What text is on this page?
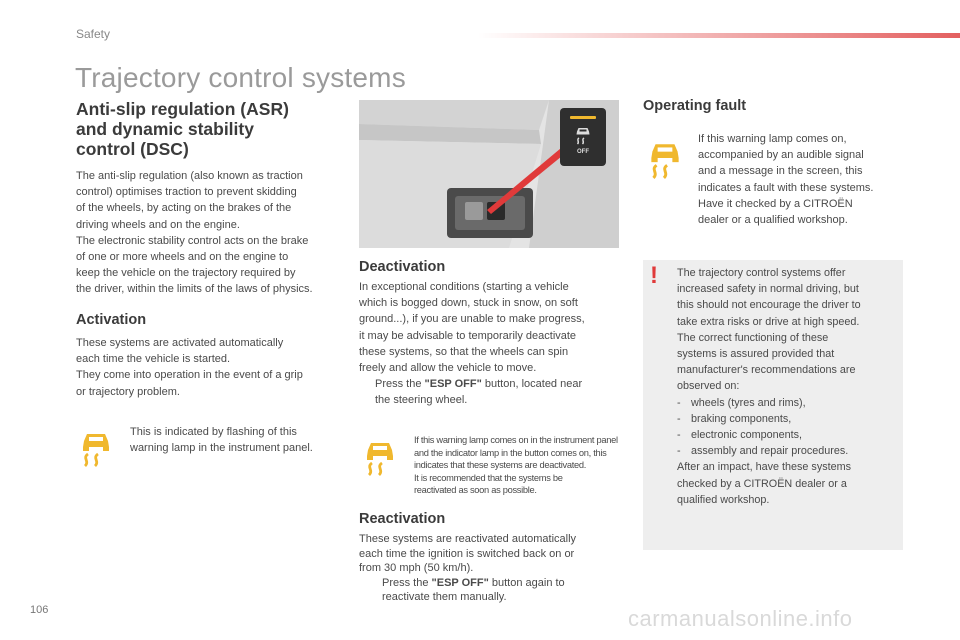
Safety
Trajectory control systems
Anti-slip regulation (ASR)
and dynamic stability
control (DSC)

The anti-slip regulation (also known as traction

control) optimises traction to prevent skidding

of the wheels, by acting on the brakes of the

driving wheels and on the engine.

The electronic stability control acts on the brake

of one or more wheels and on the engine to

keep the vehicle on the trajectory required by

the driver, within the limits of the laws of physics.

Activation

These systems are activated automatically

each time the vehicle is started.

They come into operation in the event of a grip

or trajectory problem.

This is indicated by flashing of this

warning lamp in the instrument panel.

OFF
Deactivation

In exceptional conditions (starting a vehicle

which is bogged down, stuck in snow, on soft

ground...), if you are unable to make progress,

it may be advisable to temporarily deactivate

these systems, so that the wheels can spin

freely and allow the vehicle to move.

Press the "ESP OFF" button, located near
the steering wheel.

If this warning lamp comes on in the instrument panel

and the indicator lamp in the button comes on, this

indicates that these systems are deactivated.

It is recommended that the systems be

reactivated as soon as possible.

Reactivation

These systems are reactivated automatically

each time the ignition is switched back on or

from 30 mph (50 km/h).

Press the "ESP OFF" button again to
reactivate them manually.
Operating fault

If this warning lamp comes on,

accompanied by an audible signal

and a message in the screen, this

indicates a fault with these systems.

Have it checked by a CITROËN

dealer or a qualified workshop.

! The trajectory control systems offer

increased safety in normal driving, but

this should not encourage the driver to

take extra risks or drive at high speed.

The correct functioning of these

systems is assured provided that

manufacturer's recommendations are

observed on:

- wheels (tyres and rims),
- braking components,
- electronic components,
- assembly and repair procedures.

After an impact, have these systems

checked by a CITROËN dealer or a

qualified workshop.

106	carmanualsonline.info
